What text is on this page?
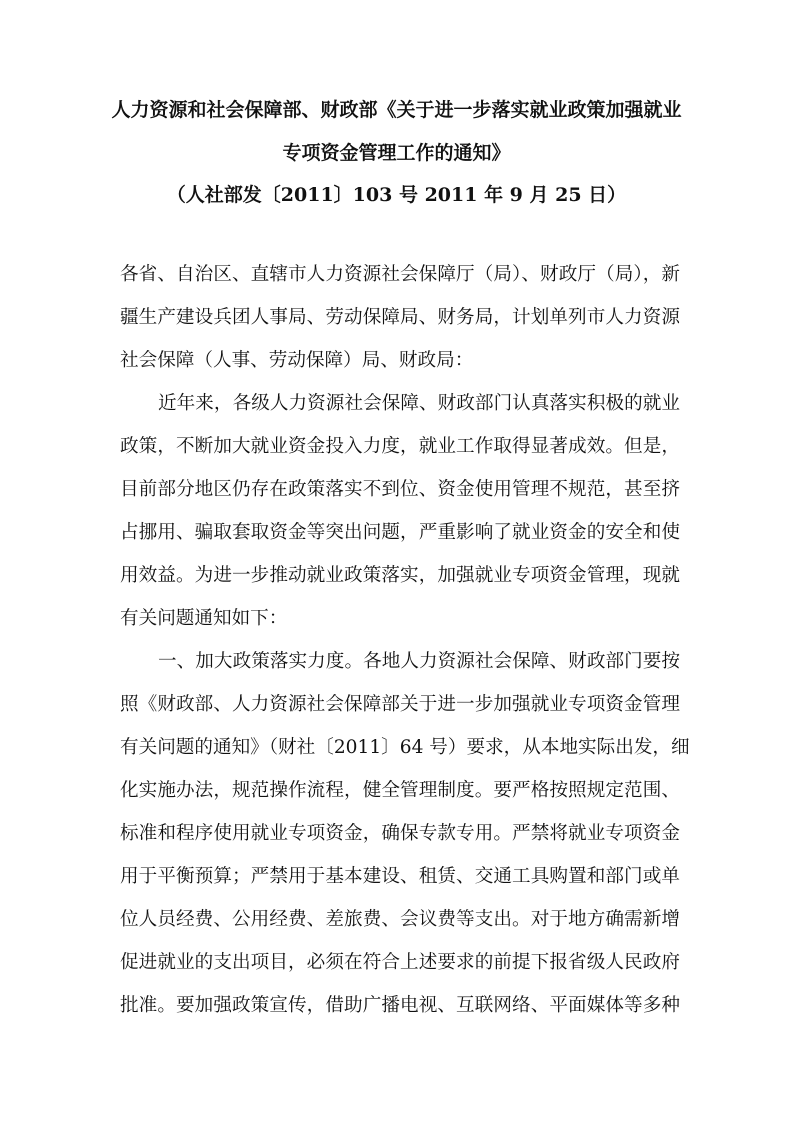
人力资源和社会保障部、财政部《关于进一步落实就业政策加强就业
专项资金管理工作的通知》
（人社部发〔2011〕103 号 2011 年 9 月 25 日）
各省、自治区、直辖市人力资源社会保障厅（局）、财政厅（局），新
疆生产建设兵团人事局、劳动保障局、财务局，计划单列市人力资源
社会保障（人事、劳动保障）局、财政局：
近年来，各级人力资源社会保障、财政部门认真落实积极的就业
政策，不断加大就业资金投入力度，就业工作取得显著成效。但是，
目前部分地区仍存在政策落实不到位、资金使用管理不规范，甚至挤
占挪用、骗取套取资金等突出问题，严重影响了就业资金的安全和使
用效益。为进一步推动就业政策落实，加强就业专项资金管理，现就
有关问题通知如下：
一、加大政策落实力度。各地人力资源社会保障、财政部门要按
照《财政部、人力资源社会保障部关于进一步加强就业专项资金管理
有关问题的通知》（财社〔2011〕64 号）要求，从本地实际出发，细
化实施办法，规范操作流程，健全管理制度。要严格按照规定范围、
标准和程序使用就业专项资金，确保专款专用。严禁将就业专项资金
用于平衡预算；严禁用于基本建设、租赁、交通工具购置和部门或单
位人员经费、公用经费、差旅费、会议费等支出。对于地方确需新增
促进就业的支出项目，必须在符合上述要求的前提下报省级人民政府
批准。要加强政策宣传，借助广播电视、互联网络、平面媒体等多种
